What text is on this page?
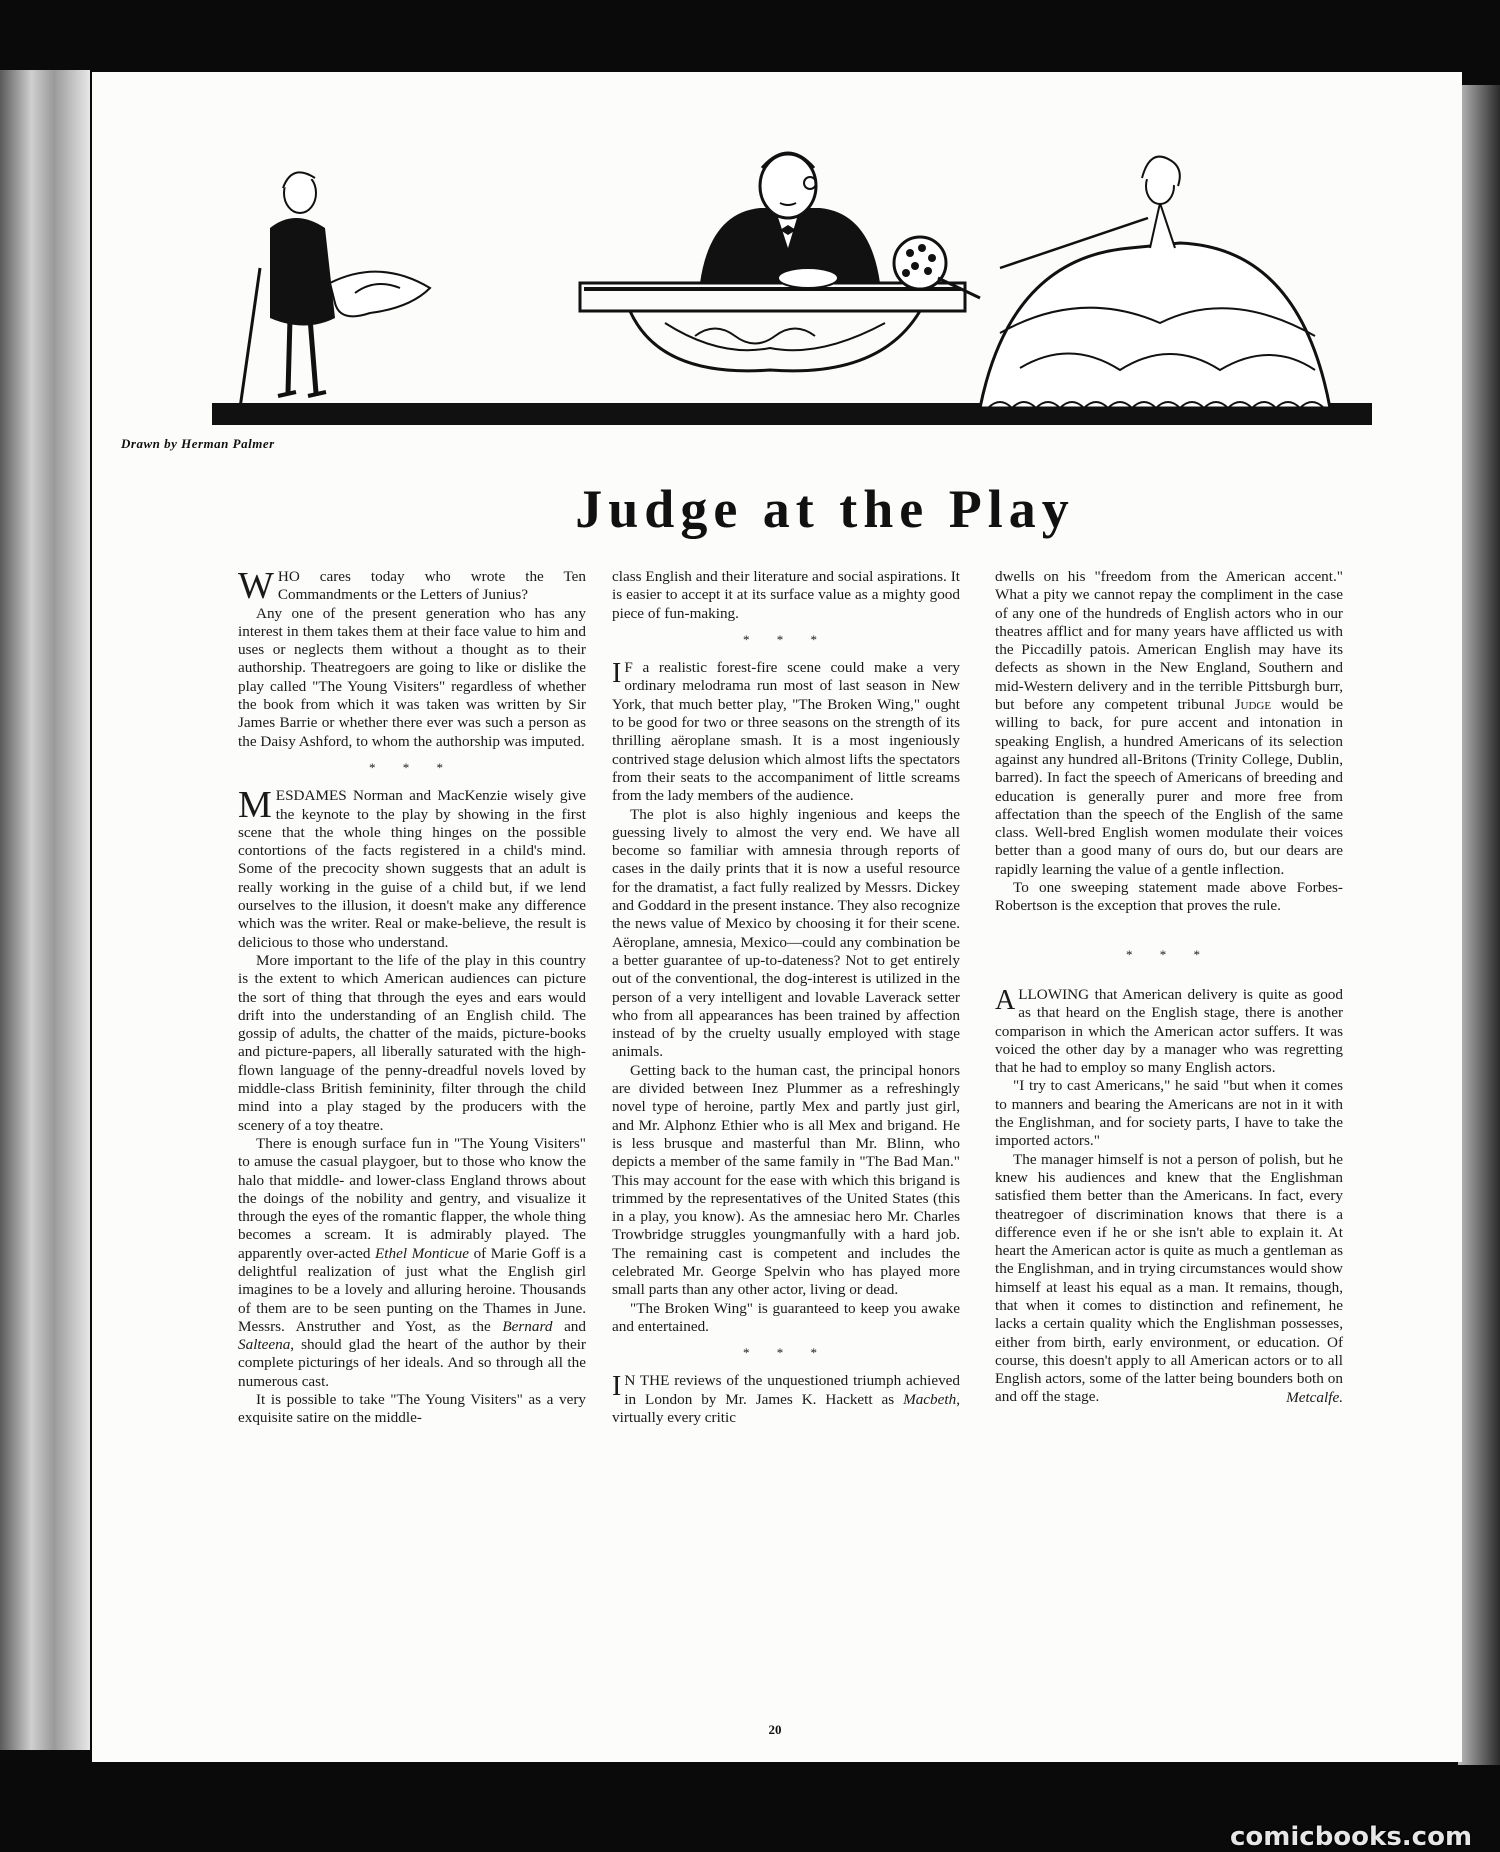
Drawn by Herman Palmer
Judge at the Play

WHO cares today who wrote the Ten Commandments or the Letters of Junius?

Any one of the present generation who has any interest in them takes them at their face value to him and uses or neglects them without a thought as to their authorship. Theatregoers are going to like or dislike the play called "The Young Visiters" regardless of whether the book from which it was taken was written by Sir James Barrie or whether there ever was such a person as the Daisy Ashford, to whom the authorship was imputed.

* * *

MESDAMES Norman and MacKenzie wisely give the keynote to the play by showing in the first scene that the whole thing hinges on the possible contortions of the facts registered in a child's mind. Some of the precocity shown suggests that an adult is really working in the guise of a child but, if we lend ourselves to the illusion, it doesn't make any difference which was the writer. Real or make-believe, the result is delicious to those who understand.

More important to the life of the play in this country is the extent to which American audiences can picture the sort of thing that through the eyes and ears would drift into the understanding of an English child. The gossip of adults, the chatter of the maids, picture-books and picture-papers, all liberally saturated with the high-flown language of the penny-dreadful novels loved by middle-class British femininity, filter through the child mind into a play staged by the producers with the scenery of a toy theatre.

There is enough surface fun in "The Young Visiters" to amuse the casual playgoer, but to those who know the halo that middle- and lower-class England throws about the doings of the nobility and gentry, and visualize it through the eyes of the romantic flapper, the whole thing becomes a scream. It is admirably played. The apparently over-acted Ethel Monticue of Marie Goff is a delightful realization of just what the English girl imagines to be a lovely and alluring heroine. Thousands of them are to be seen punting on the Thames in June. Messrs. Anstruther and Yost, as the Bernard and Salteena, should glad the heart of the author by their complete picturings of her ideals. And so through all the numerous cast.

It is possible to take "The Young Visiters" as a very exquisite satire on the middle-

class English and their literature and social aspirations. It is easier to accept it at its surface value as a mighty good piece of fun-making.

* * *

I F a realistic forest-fire scene could make a very ordinary melodrama run most of last season in New York, that much better play, "The Broken Wing," ought to be good for two or three seasons on the strength of its thrilling aëroplane smash. It is a most ingeniously contrived stage delusion which almost lifts the spectators from their seats to the accompaniment of little screams from the lady members of the audience.

The plot is also highly ingenious and keeps the guessing lively to almost the very end. We have all become so familiar with amnesia through reports of cases in the daily prints that it is now a useful resource for the dramatist, a fact fully realized by Messrs. Dickey and Goddard in the present instance. They also recognize the news value of Mexico by choosing it for their scene. Aëroplane, amnesia, Mexico—could any combination be a better guarantee of up-to-dateness? Not to get entirely out of the conventional, the dog-interest is utilized in the person of a very intelligent and lovable Laverack setter who from all appearances has been trained by affection instead of by the cruelty usually employed with stage animals.

Getting back to the human cast, the principal honors are divided between Inez Plummer as a refreshingly novel type of heroine, partly Mex and partly just girl, and Mr. Alphonz Ethier who is all Mex and brigand. He is less brusque and masterful than Mr. Blinn, who depicts a member of the same family in "The Bad Man." This may account for the ease with which this brigand is trimmed by the representatives of the United States (this in a play, you know). As the amnesiac hero Mr. Charles Trowbridge struggles youngmanfully with a hard job. The remaining cast is competent and includes the celebrated Mr. George Spelvin who has played more small parts than any other actor, living or dead.

"The Broken Wing" is guaranteed to keep you awake and entertained.

* * *

I N THE reviews of the unquestioned triumph achieved in London by Mr. James K. Hackett as Macbeth, virtually every critic

dwells on his "freedom from the American accent." What a pity we cannot repay the compliment in the case of any one of the hundreds of English actors who in our theatres afflict and for many years have afflicted us with the Piccadilly patois. American English may have its defects as shown in the New England, Southern and mid-Western delivery and in the terrible Pittsburgh burr, but before any competent tribunal Judge would be willing to back, for pure accent and intonation in speaking English, a hundred Americans of its selection against any hundred all-Britons (Trinity College, Dublin, barred). In fact the speech of Americans of breeding and education is generally purer and more free from affectation than the speech of the English of the same class. Well-bred English women modulate their voices better than a good many of ours do, but our dears are rapidly learning the value of a gentle inflection.

To one sweeping statement made above Forbes-Robertson is the exception that proves the rule.

* * *

ALLOWING that American delivery is quite as good as that heard on the English stage, there is another comparison in which the American actor suffers. It was voiced the other day by a manager who was regretting that he had to employ so many English actors.

"I try to cast Americans," he said "but when it comes to manners and bearing the Americans are not in it with the Englishman, and for society parts, I have to take the imported actors."

The manager himself is not a person of polish, but he knew his audiences and knew that the Englishman satisfied them better than the Americans. In fact, every theatregoer of discrimination knows that there is a difference even if he or she isn't able to explain it. At heart the American actor is quite as much a gentleman as the Englishman, and in trying circumstances would show himself at least his equal as a man. It remains, though, that when it comes to distinction and refinement, he lacks a certain quality which the Englishman possesses, either from birth, early environment, or education. Of course, this doesn't apply to all American actors or to all English actors, some of the latter being bounders both on and off the stage.	Metcalfe.
20
comicbooks.com
